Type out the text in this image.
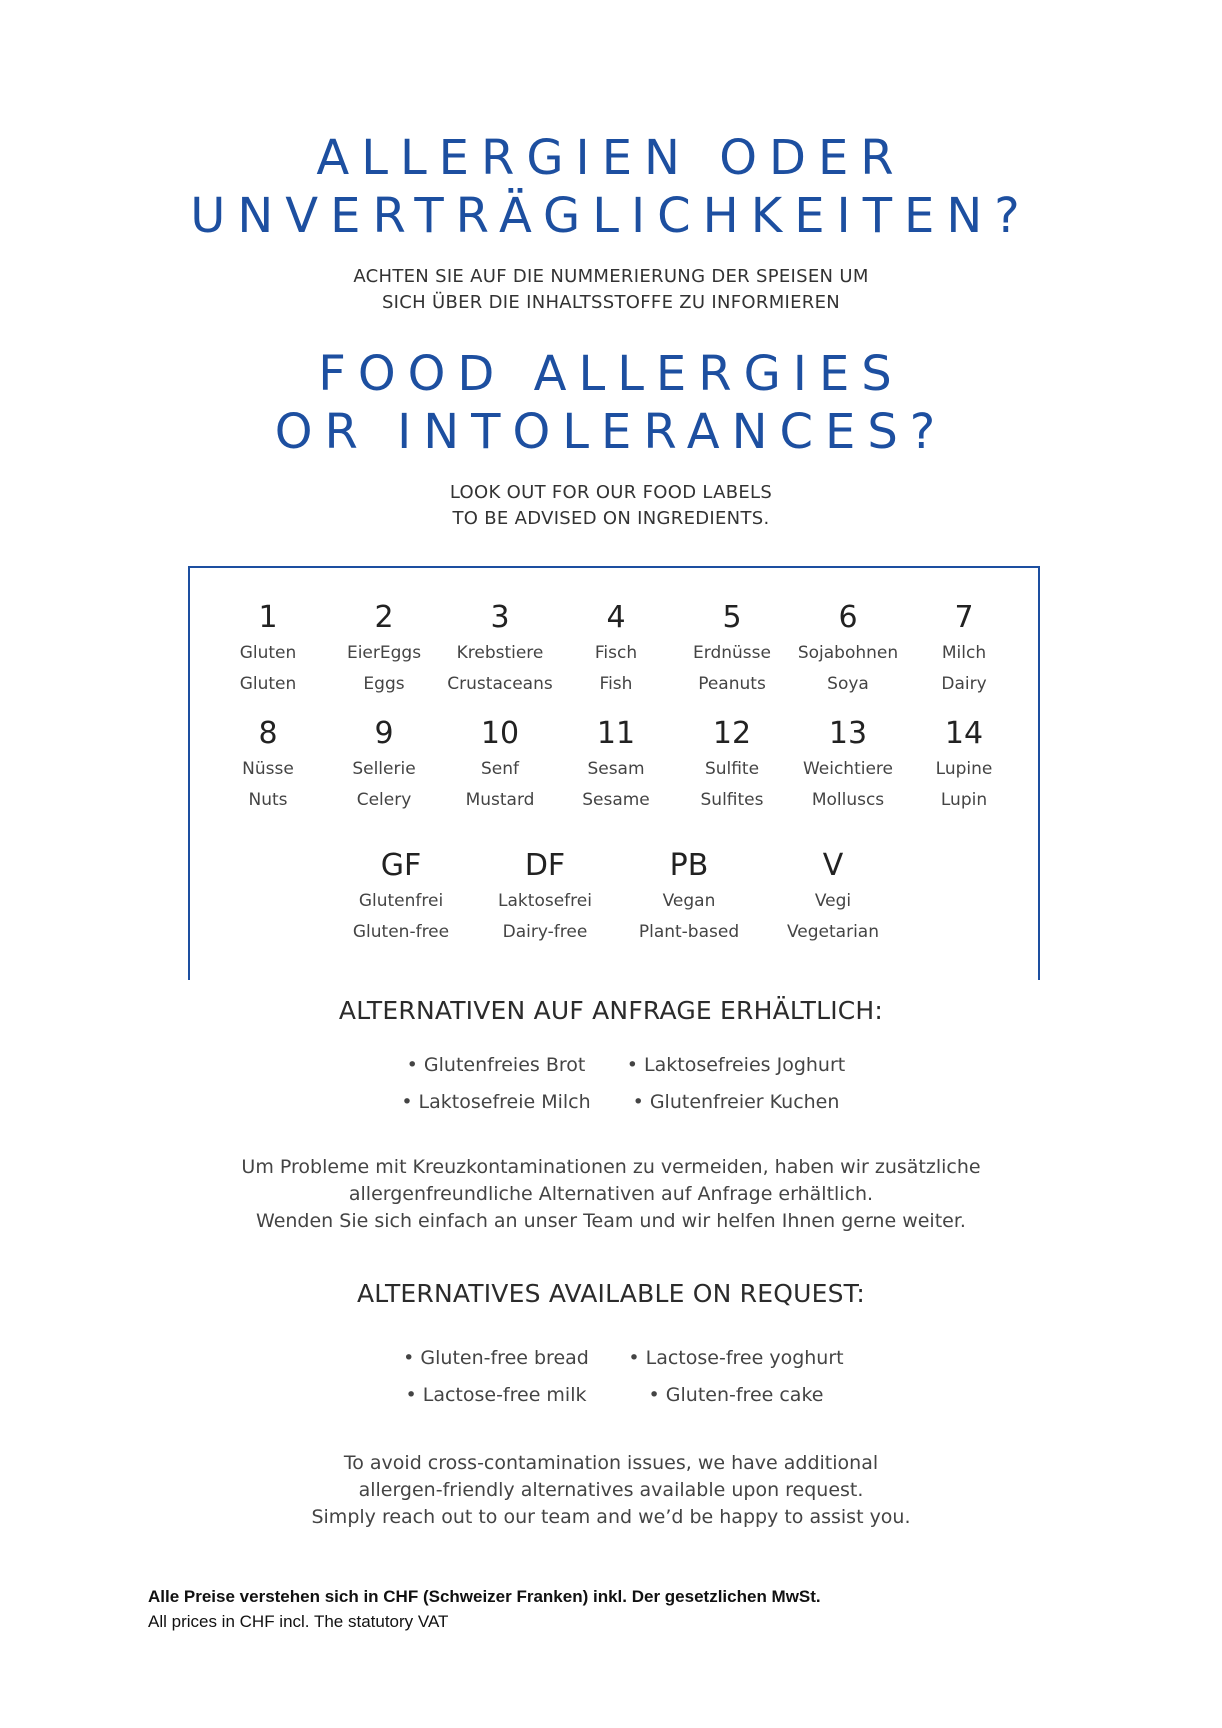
ALLERGIEN ODER
UNVERTRÄGLICHKEITEN?
ACHTEN SIE AUF DIE NUMMERIERUNG DER SPEISEN UM
SICH ÜBER DIE INHALTSSTOFFE ZU INFORMIEREN
FOOD ALLERGIES
OR INTOLERANCES?
LOOK OUT FOR OUR FOOD LABELS
TO BE ADVISED ON INGREDIENTS.
1
Gluten
Gluten
2
EierEggs
Eggs
3
Krebstiere
Crustaceans
4
Fisch
Fish
5
Erdnüsse
Peanuts
6
Sojabohnen
Soya
7
Milch
Dairy
8
Nüsse
Nuts
9
Sellerie
Celery
10
Senf
Mustard
11
Sesam
Sesame
12
Sulfite
Sulfites
13
Weichtiere
Molluscs
14
Lupine
Lupin
GF
Glutenfrei
Gluten-free
DF
Laktosefrei
Dairy-free
PB
Vegan
Plant-based
V
Vegi
Vegetarian
ALTERNATIVEN AUF ANFRAGE ERHÄLTLICH:
• Glutenfreies Brot	• Laktosefreies Joghurt
• Laktosefreie Milch	• Glutenfreier Kuchen
Um Probleme mit Kreuzkontaminationen zu vermeiden, haben wir zusätzliche
allergenfreundliche Alternativen auf Anfrage erhältlich.
Wenden Sie sich einfach an unser Team und wir helfen Ihnen gerne weiter.
ALTERNATIVES AVAILABLE ON REQUEST:
• Gluten-free bread	• Lactose-free yoghurt
• Lactose-free milk	• Gluten-free cake
To avoid cross-contamination issues, we have additional
allergen-friendly alternatives available upon request.
Simply reach out to our team and we’d be happy to assist you.
Alle Preise verstehen sich in CHF (Schweizer Franken) inkl. Der gesetzlichen MwSt.
All prices in CHF incl. The statutory VAT
